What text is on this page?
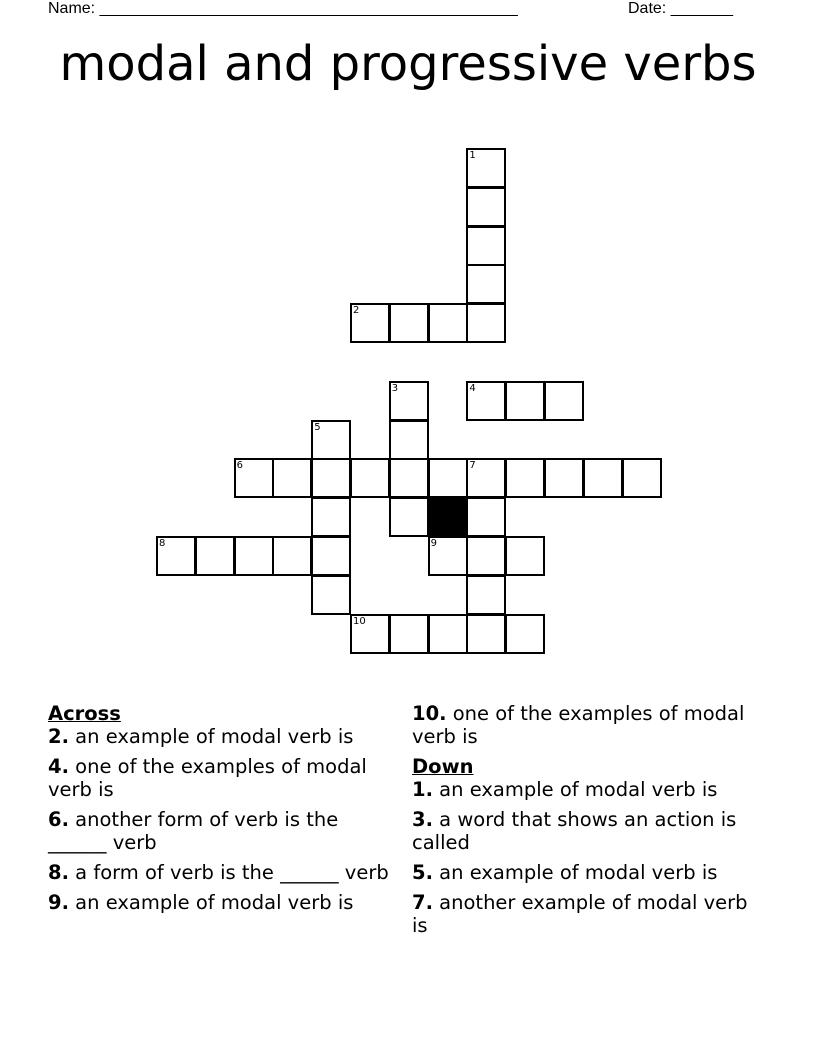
Name: _______________________________________________	Date: _______
modal and progressive verbs
1
2
3	4
5
6	7
8	9
10

Across

2. an example of modal verb is

4. one of the examples of modal verb is

6. another form of verb is the ______ verb

8. a form of verb is the ______ verb

9. an example of modal verb is

10. one of the examples of modal verb is

Down

1. an example of modal verb is

3. a word that shows an action is called

5. an example of modal verb is

7. another example of modal verb is
